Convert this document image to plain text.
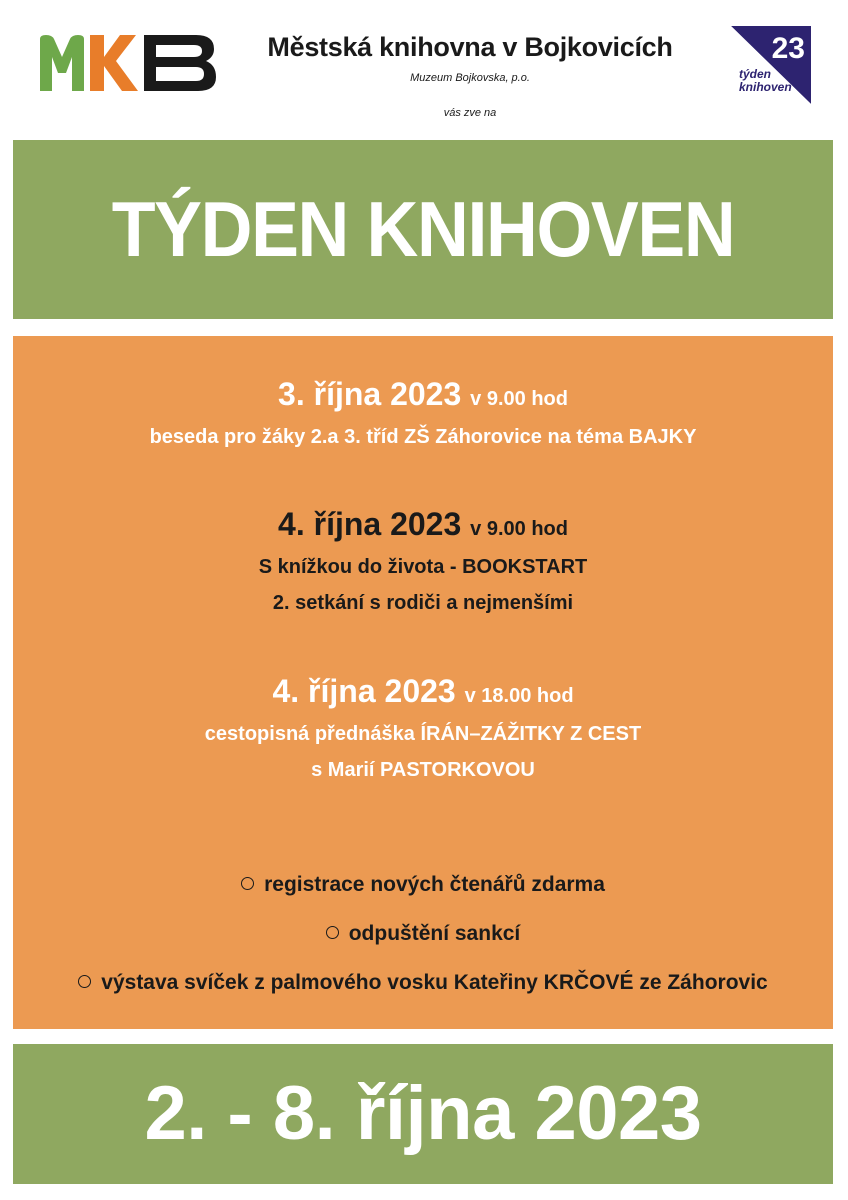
Městská knihovna v Bojkovicích
Muzeum Bojkovska, p.o.
vás zve na
23
týden
knihoven
TÝDEN KNIHOVEN
3. října 2023 v 9.00 hod
beseda pro žáky 2.a 3. tříd ZŠ Záhorovice na téma BAJKY
4. října 2023 v 9.00 hod
S knížkou do života - BOOKSTART
2. setkání s rodiči a nejmenšími
4. října 2023 v 18.00 hod
cestopisná přednáška ÍRÁN–ZÁŽITKY Z CEST
s Marií PASTORKOVOU
registrace nových čtenářů zdarma
odpuštění sankcí
výstava svíček z palmového vosku Kateřiny KRČOVÉ ze Záhorovic
2. - 8. října 2023
